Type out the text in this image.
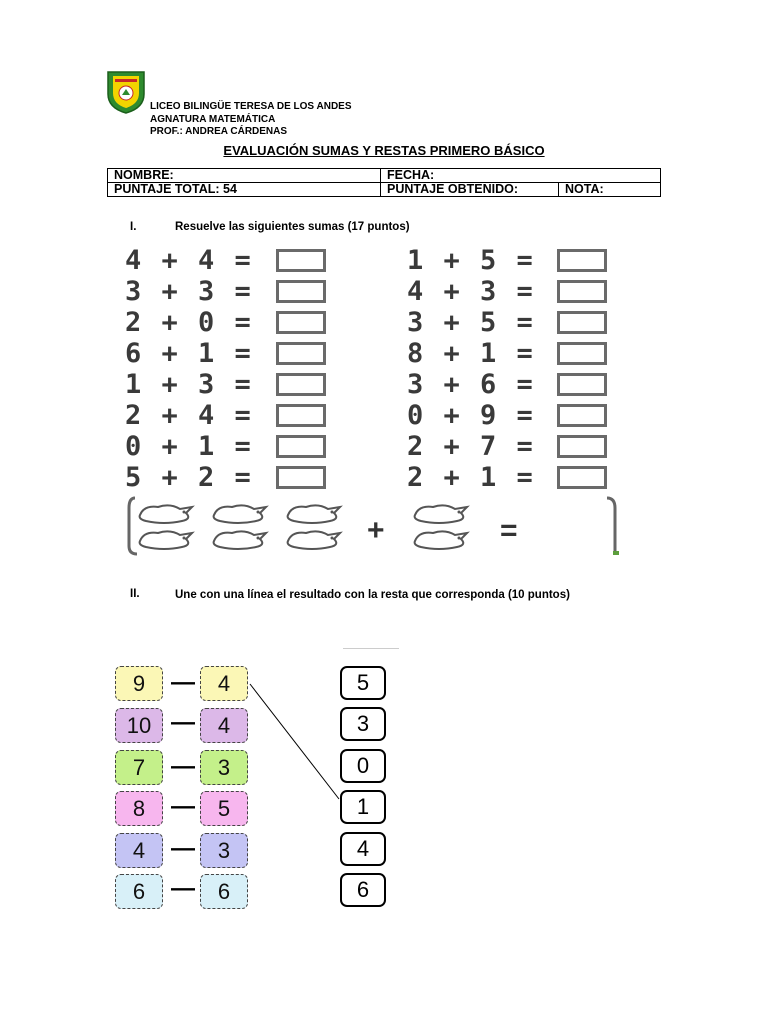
LICEO BILINGÜE TERESA DE LOS ANDES
AGNATURA MATEMÁTICA
PROF.: ANDREA CÁRDENAS
EVALUACIÓN SUMAS Y RESTAS PRIMERO BÁSICO
NOMBRE:	FECHA:	
PUNTAJE TOTAL: 54	PUNTAJE OBTENIDO:	NOTA:
I.	Resuelve las siguientes sumas (17 puntos)
4 + 4 =
3 + 3 =
2 + 0 =
6 + 1 =
1 + 3 =
2 + 4 =
0 + 1 =
5 + 2 =
1 + 5 =
4 + 3 =
3 + 5 =
8 + 1 =
3 + 6 =
0 + 9 =
2 + 7 =
2 + 1 =
+	=
II.	Une con una línea el resultado con la resta que corresponda (10 puntos)
9	—	4
10 —	4
7	—	3
8	—	5
4	—	3
6	—	6
5
3
0
1
4
6
